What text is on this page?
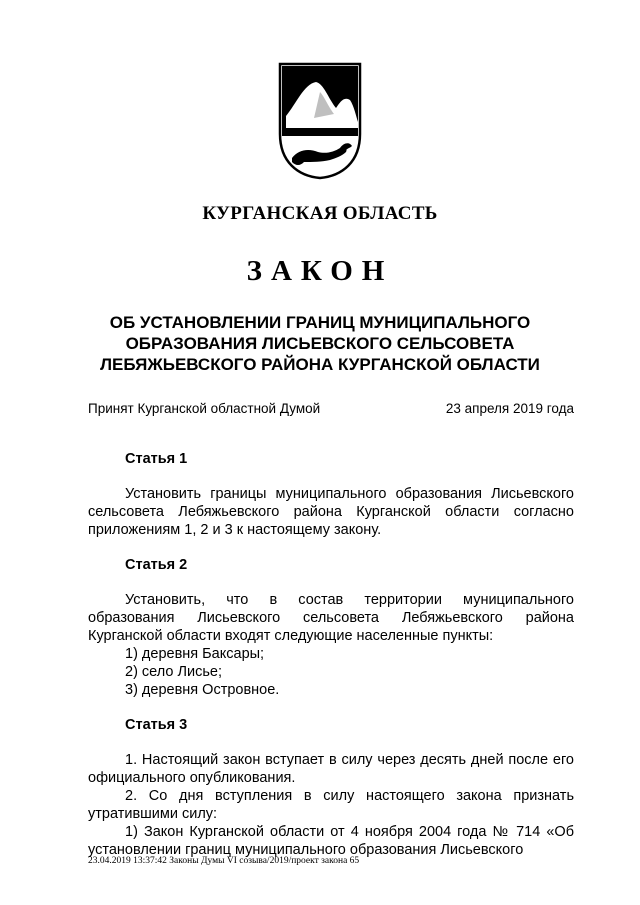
КУРГАНСКАЯ ОБЛАСТЬ
ЗАКОН
ОБ УСТАНОВЛЕНИИ ГРАНИЦ МУНИЦИПАЛЬНОГО
ОБРАЗОВАНИЯ ЛИСЬЕВСКОГО СЕЛЬСОВЕТА
ЛЕБЯЖЬЕВСКОГО РАЙОНА КУРГАНСКОЙ ОБЛАСТИ
Принят Курганской областной Думой	23 апреля 2019 года
Статья 1

Установить границы муниципального образования Лисьевского сельсовета Лебяжьевского района Курганской области согласно приложениям 1, 2 и 3 к настоящему закону.

Статья 2

Установить, что в состав территории муниципального образования Лисьевского сельсовета Лебяжьевского района Курганской области входят следующие населенные пункты:

1) деревня Баксары;

2) село Лисье;

3) деревня Островное.

Статья 3

1. Настоящий закон вступает в силу через десять дней после его официального опубликования.

2. Со дня вступления в силу настоящего закона признать утратившими силу:

1) Закон Курганской области от 4 ноября 2004 года № 714 «Об установлении границ муниципального образования Лисьевского

23.04.2019 13:37:42 Законы Думы VI созыва/2019/проект закона 65
